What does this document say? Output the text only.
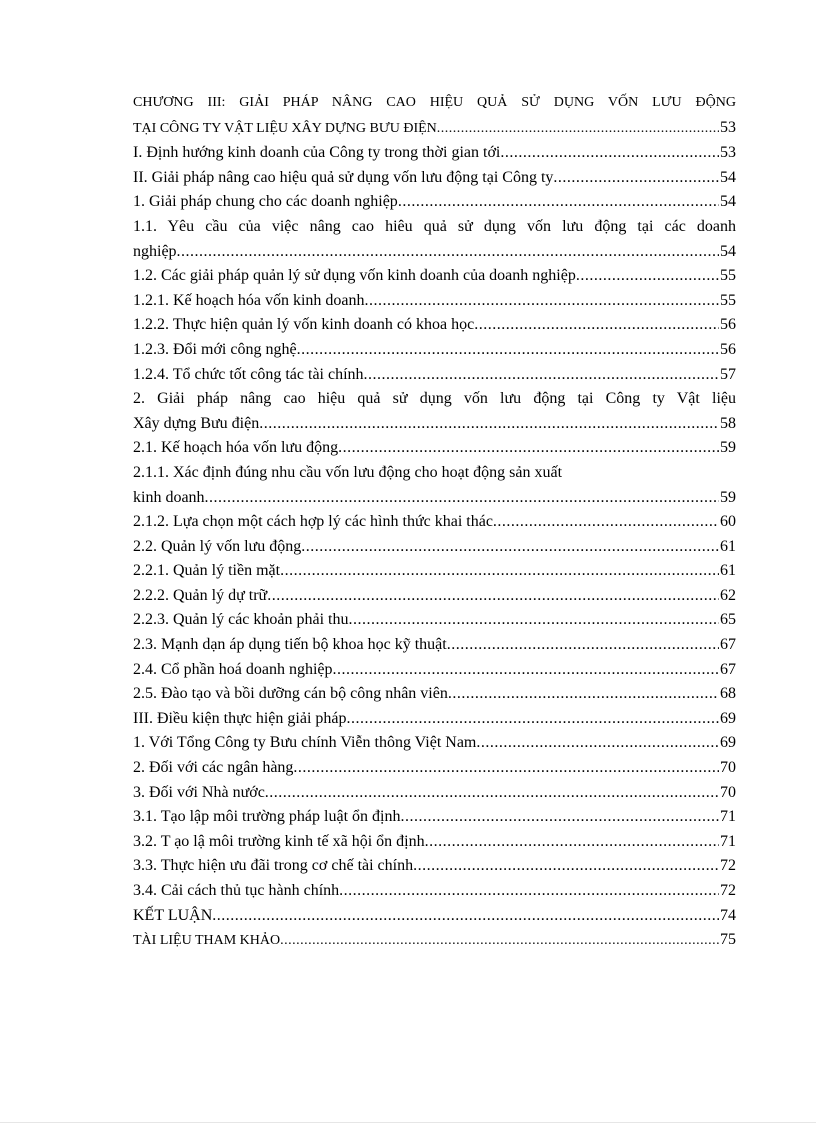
CHƯƠNG III: GIẢI PHÁP NÂNG CAO HIỆU QUẢ SỬ DỤNG VỐN LƯU ĐỘNG
TẠI CÔNG TY VẬT LIỆU XÂY DỰNG BƯU ĐIỆN .....	53
I. Định hướng kinh doanh của Công ty trong thời gian tới .....	53
II. Giải pháp nâng cao hiệu quả sử dụng vốn lưu động tại Công ty .....	54
1. Giải pháp chung cho các doanh nghiệp .....	54
1.1. Yêu cầu của việc nâng cao hiêu quả sử dụng vốn lưu động tại các doanh
nghiệp .....	54
1.2. Các giải pháp quản lý sử dụng vốn kinh doanh của doanh nghiệp .....	55
1.2.1. Kế hoạch hóa vốn kinh doanh .....	55
1.2.2. Thực hiện quản lý vốn kinh doanh có khoa học .....	56
1.2.3. Đổi mới công nghệ .....	56
1.2.4. Tổ chức tốt công tác tài chính .....	57
2. Giải pháp nâng cao hiệu quả sử dụng vốn lưu động tại Công ty Vật liệu
Xây dựng Bưu điện .....	58
2.1. Kế hoạch hóa vốn lưu động .....	59
2.1.1. Xác định đúng nhu cầu vốn lưu động cho hoạt động sản xuất
kinh doanh .....	59
2.1.2. Lựa chọn một cách hợp lý các hình thức khai thác .....	60
2.2. Quản lý vốn lưu động .....	61
2.2.1. Quản lý tiền mặt .....	61
2.2.2. Quản lý dự trữ .....	62
2.2.3. Quản lý các khoản phải thu .....	65
2.3. Mạnh dạn áp dụng tiến bộ khoa học kỹ thuật .....	67
2.4. Cổ phần hoá doanh nghiệp .....	67
2.5. Đào tạo và bồi dưỡng cán bộ công nhân viên .....	68
III. Điều kiện thực hiện giải pháp .....	69
1. Với Tổng Công ty Bưu chính Viễn thông Việt Nam .....	69
2. Đối với các ngân hàng .....	70
3. Đối với Nhà nước .....	70
3.1. Tạo lập môi trường pháp luật ổn định .....	71
3.2. T ạo lậ môi trường kinh tế xã hội ổn định .....	71
3.3. Thực hiện ưu đãi trong cơ chế tài chính .....	72
3.4. Cải cách thủ tục hành chính .....	72
KẾT LUẬN .....	74
TÀI LIỆU THAM KHẢO .....	75
